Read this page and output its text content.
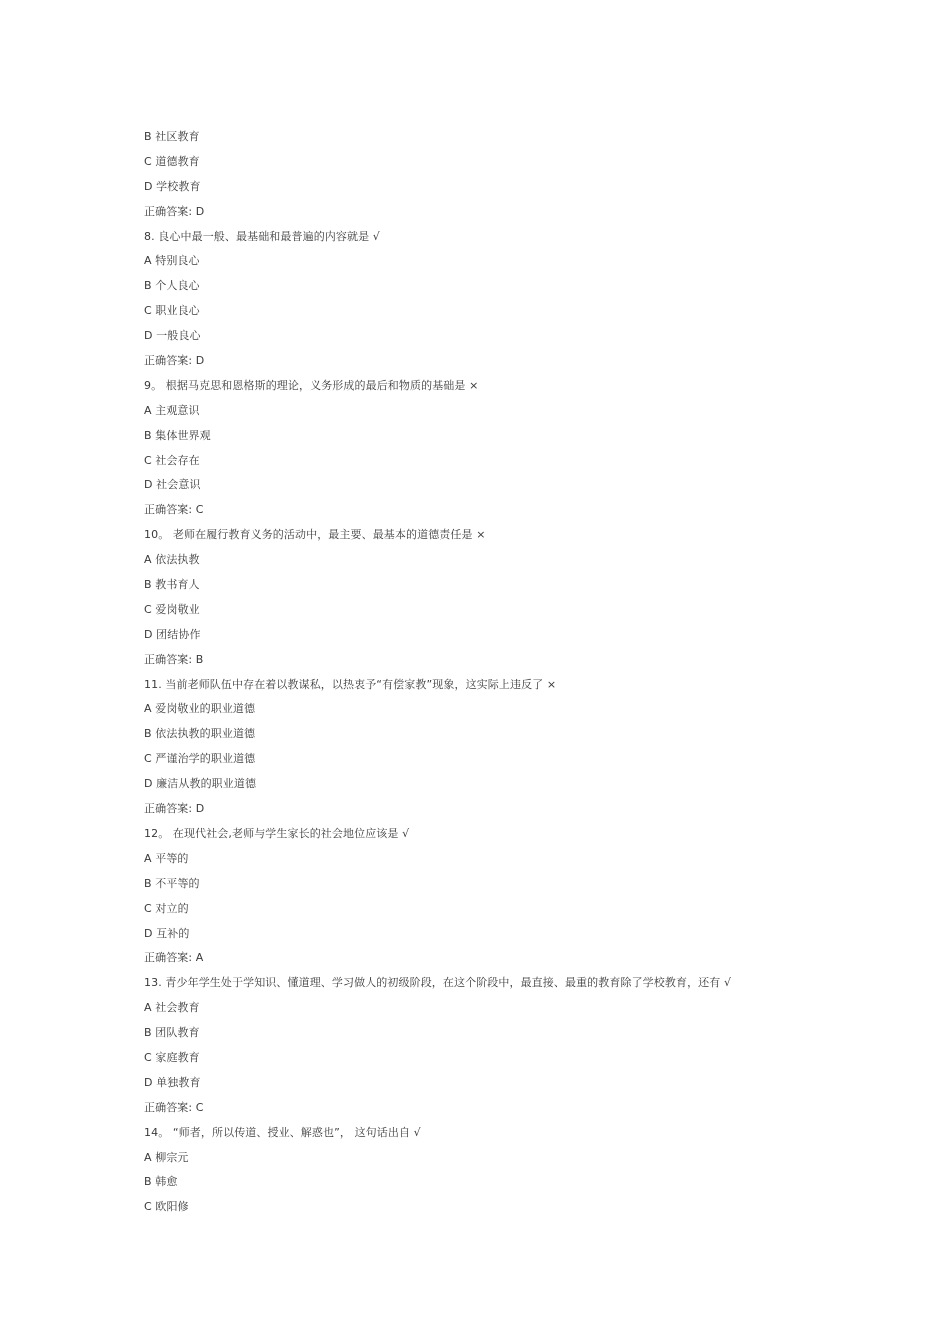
B 社区教育
C 道德教育
D 学校教育
正确答案: D
8. 良心中最一般、最基础和最普遍的内容就是 √
A 特别良心
B 个人良心
C 职业良心
D 一般良心
正确答案: D
9。 根据马克思和恩格斯的理论，义务形成的最后和物质的基础是 ×
A 主观意识
B 集体世界观
C 社会存在
D 社会意识
正确答案: C
10。 老师在履行教育义务的活动中，最主要、最基本的道德责任是 ×
A 依法执教
B 教书育人
C 爱岗敬业
D 团结协作
正确答案: B
11. 当前老师队伍中存在着以教谋私，以热衷予“有偿家教”现象，这实际上违反了 ×
A 爱岗敬业的职业道德
B 依法执教的职业道德
C 严谨治学的职业道德
D 廉洁从教的职业道德
正确答案: D
12。 在现代社会,老师与学生家长的社会地位应该是 √
A 平等的
B 不平等的
C 对立的
D 互补的
正确答案: A
13. 青少年学生处于学知识、懂道理、学习做人的初级阶段，在这个阶段中，最直接、最重的教育除了学校教育，还有 √
A 社会教育
B 团队教育
C 家庭教育
D 单独教育
正确答案: C
14。 “师者，所以传道、授业、解惑也”， 这句话出自 √
A 柳宗元
B 韩愈
C 欧阳修
